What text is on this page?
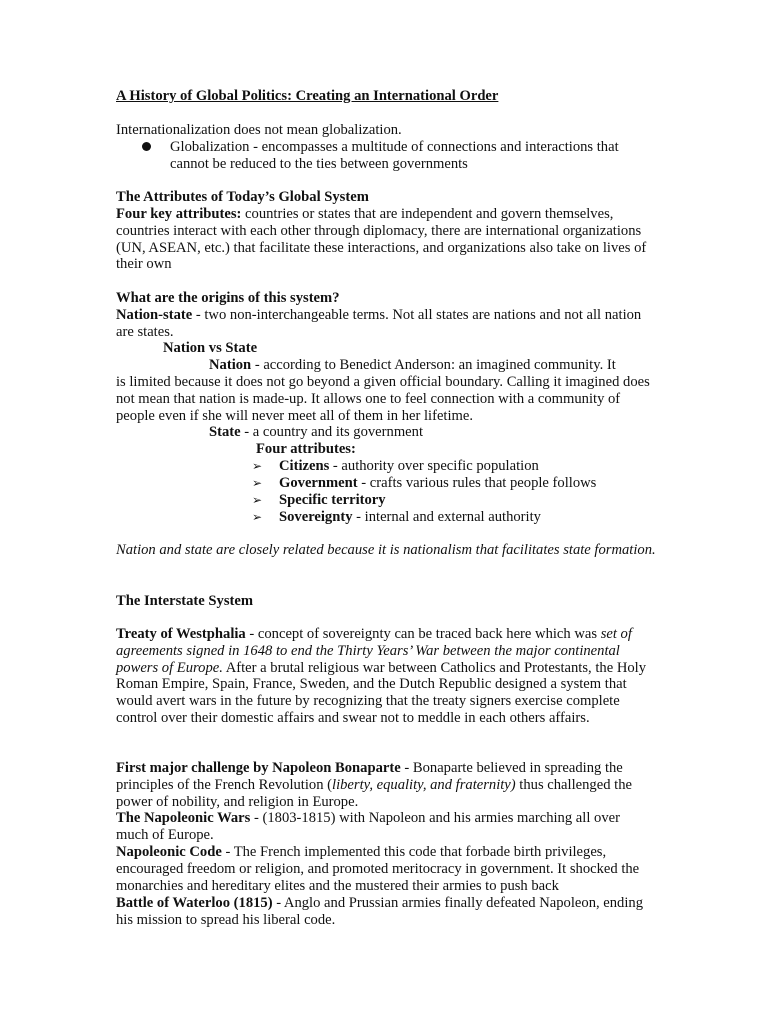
A History of Global Politics: Creating an International Order

Internationalization does not mean globalization.

Globalization - encompasses a multitude of connections and interactions that cannot be reduced to the ties between governments

The Attributes of Today’s Global System

Four key attributes: countries or states that are independent and govern themselves, countries interact with each other through diplomacy, there are international organizations (UN, ASEAN, etc.) that facilitate these interactions, and organizations also take on lives of their own

What are the origins of this system?

Nation-state - two non-interchangeable terms. Not all states are nations and not all nation are states.

Nation vs State

Nation - according to Benedict Anderson: an imagined community. It

is limited because it does not go beyond a given official boundary. Calling it imagined does not mean that nation is made-up. It allows one to feel connection with a community of people even if she will never meet all of them in her lifetime.

State - a country and its government

Four attributes:

➢ Citizens - authority over specific population

➢ Government - crafts various rules that people follows

➢ Specific territory

➢ Sovereignty - internal and external authority

Nation and state are closely related because it is nationalism that facilitates state formation.

The Interstate System

Treaty of Westphalia - concept of sovereignty can be traced back here which was set of agreements signed in 1648 to end the Thirty Years’ War between the major continental powers of Europe. After a brutal religious war between Catholics and Protestants, the Holy Roman Empire, Spain, France, Sweden, and the Dutch Republic designed a system that would avert wars in the future by recognizing that the treaty signers exercise complete control over their domestic affairs and swear not to meddle in each others affairs.

First major challenge by Napoleon Bonaparte - Bonaparte believed in spreading the principles of the French Revolution (liberty, equality, and fraternity) thus challenged the power of nobility, and religion in Europe.

The Napoleonic Wars - (1803-1815) with Napoleon and his armies marching all over much of Europe.

Napoleonic Code - The French implemented this code that forbade birth privileges, encouraged freedom or religion, and promoted meritocracy in government. It shocked the monarchies and hereditary elites and the mustered their armies to push back

Battle of Waterloo (1815) - Anglo and Prussian armies finally defeated Napoleon, ending his mission to spread his liberal code.
